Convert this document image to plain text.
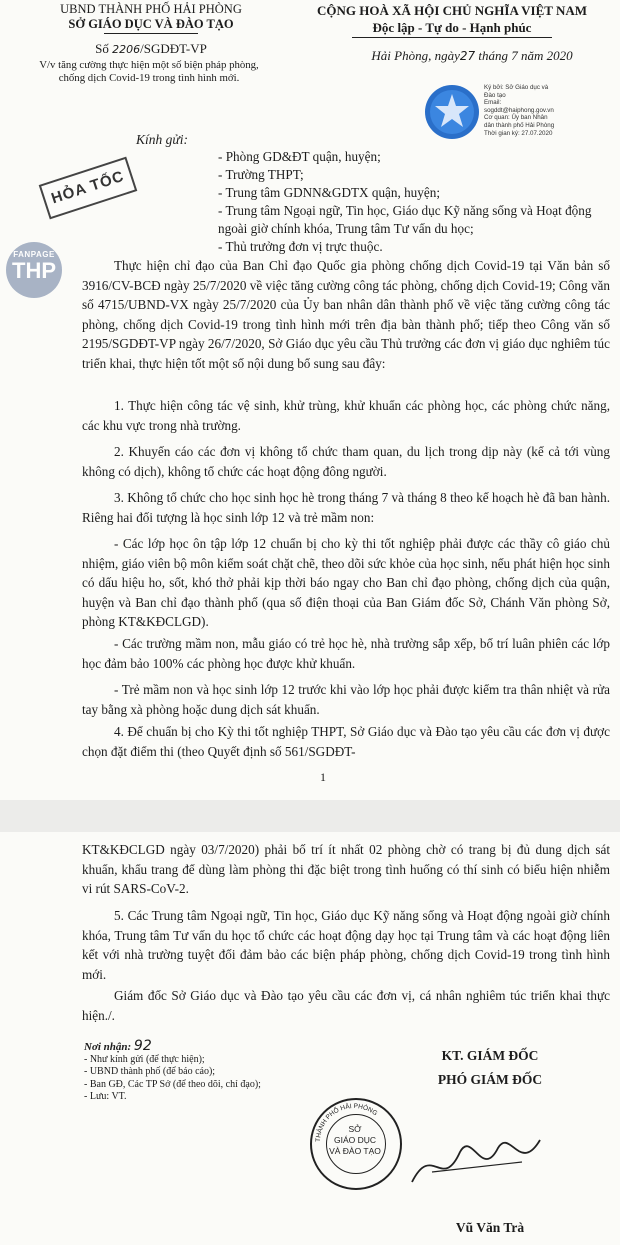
UBND THÀNH PHỐ HẢI PHÒNG
SỞ GIÁO DỤC VÀ ĐÀO TẠO
Số 2206/SGDĐT-VP
V/v tăng cường thực hiện một số biện pháp phòng, chống dịch Covid-19 trong tình hình mới.
CỘNG HOÀ XÃ HỘI CHỦ NGHĨA VIỆT NAM
Độc lập - Tự do - Hạnh phúc
Hải Phòng, ngày27 tháng 7 năm 2020
Ký bởi: Sở Giáo dục và
Đào tạo
Email:
sogddt@haiphong.gov.vn
Cơ quan: Ủy ban Nhân
dân thành phố Hải Phòng
Thời gian ký: 27.07.2020
Kính gửi:
- Phòng GD&ĐT quận, huyện;
- Trường THPT;
- Trung tâm GDNN&GDTX quận, huyện;
- Trung tâm Ngoại ngữ, Tin học, Giáo dục Kỹ năng sống và Hoạt động ngoài giờ chính khóa, Trung tâm Tư vấn du học;
- Thủ trưởng đơn vị trực thuộc.
HỎA TỐC
FANPAGE
THP	Thực hiện chỉ đạo của Ban Chỉ đạo Quốc gia phòng chống dịch Covid-19 tại Văn bản số 3916/CV-BCĐ ngày 25/7/2020 về việc tăng cường công tác phòng, chống dịch Covid-19; Công văn số 4715/UBND-VX ngày 25/7/2020 của Ủy ban nhân dân thành phố về việc tăng cường công tác phòng, chống dịch Covid-19 trong tình hình mới trên địa bàn thành phố; tiếp theo Công văn số 2195/SGDĐT-VP ngày 26/7/2020, Sở Giáo dục yêu cầu Thủ trưởng các đơn vị giáo dục nghiêm túc triển khai, thực hiện tốt một số nội dung bổ sung sau đây:
1. Thực hiện công tác vệ sinh, khử trùng, khử khuẩn các phòng học, các phòng chức năng, các khu vực trong nhà trường.
2. Khuyến cáo các đơn vị không tổ chức tham quan, du lịch trong dịp này (kể cả tới vùng không có dịch), không tổ chức các hoạt động đông người.
3. Không tổ chức cho học sinh học hè trong tháng 7 và tháng 8 theo kế hoạch hè đã ban hành. Riêng hai đối tượng là học sinh lớp 12 và trẻ mầm non:
- Các lớp học ôn tập lớp 12 chuẩn bị cho kỳ thi tốt nghiệp phải được các thầy cô giáo chủ nhiệm, giáo viên bộ môn kiểm soát chặt chẽ, theo dõi sức khỏe của học sinh, nếu phát hiện học sinh có dấu hiệu ho, sốt, khó thở phải kịp thời báo ngay cho Ban chỉ đạo phòng, chống dịch của quận, huyện và Ban chỉ đạo thành phố (qua số điện thoại của Ban Giám đốc Sở, Chánh Văn phòng Sở, phòng KT&KĐCLGD).
- Các trường mầm non, mẫu giáo có trẻ học hè, nhà trường sắp xếp, bố trí luân phiên các lớp học đảm bảo 100% các phòng học được khử khuẩn.
- Trẻ mầm non và học sinh lớp 12 trước khi vào lớp học phải được kiểm tra thân nhiệt và rửa tay bằng xà phòng hoặc dung dịch sát khuẩn.
4. Để chuẩn bị cho Kỳ thi tốt nghiệp THPT, Sở Giáo dục và Đào tạo yêu cầu các đơn vị được chọn đặt điểm thi (theo Quyết định số 561/SGDĐT-
1
KT&KĐCLGD ngày 03/7/2020) phải bố trí ít nhất 02 phòng chờ có trang bị đủ dung dịch sát khuẩn, khẩu trang để dùng làm phòng thi đặc biệt trong tình huống có thí sinh có biểu hiện nhiễm vi rút SARS-CoV-2.
5. Các Trung tâm Ngoại ngữ, Tin học, Giáo dục Kỹ năng sống và Hoạt động ngoài giờ chính khóa, Trung tâm Tư vấn du học tổ chức các hoạt động dạy học tại Trung tâm và các hoạt động liên kết với nhà trường tuyệt đối đảm bảo các biện pháp phòng, chống dịch Covid-19 trong tình hình mới.
Giám đốc Sở Giáo dục và Đào tạo yêu cầu các đơn vị, cá nhân nghiêm túc triển khai thực hiện./.
Nơi nhận: 92
- Như kính gửi (để thực hiện);
- UBND thành phố (để báo cáo);
- Ban GĐ, Các TP Sở (để theo dõi, chỉ đạo);
- Lưu: VT.
KT. GIÁM ĐỐC
PHÓ GIÁM ĐỐC
Vũ Văn Trà
THÀNH PHỐ HẢI PHÒNG
SỞ
GIÁO DỤC
VÀ ĐÀO TẠO
